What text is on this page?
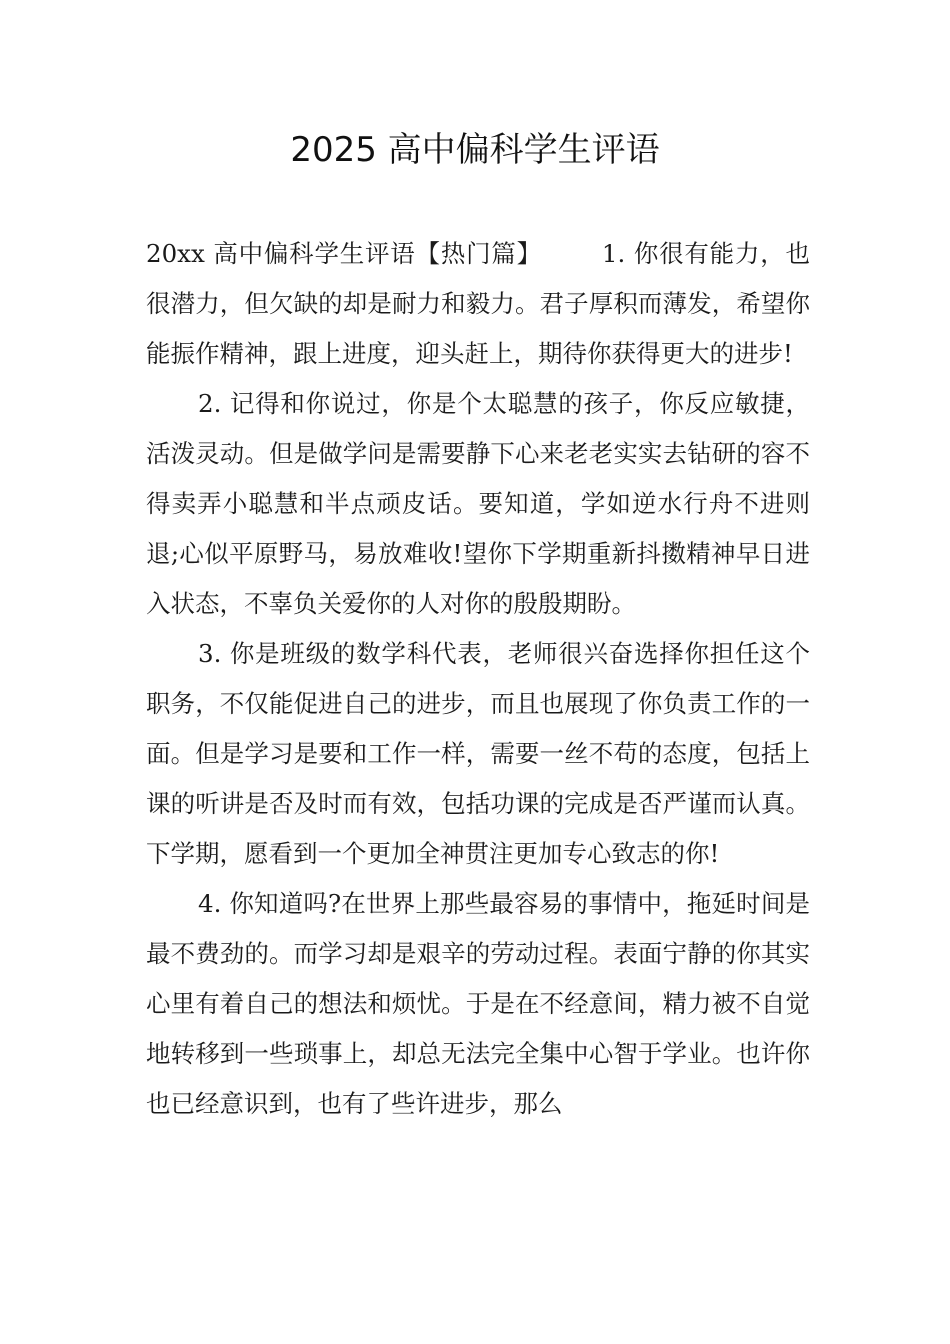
2025 高中偏科学生评语

20xx 高中偏科学生评语【热门篇】 1. 你很有能力，也很潜力，但欠缺的却是耐力和毅力。君子厚积而薄发，希望你能振作精神，跟上进度，迎头赶上，期待你获得更大的进步!

2. 记得和你说过，你是个太聪慧的孩子，你反应敏捷，活泼灵动。但是做学问是需要静下心来老老实实去钻研的容不得卖弄小聪慧和半点顽皮话。要知道，学如逆水行舟不进则退;心似平原野马，易放难收!望你下学期重新抖擞精神早日进入状态，不辜负关爱你的人对你的殷殷期盼。

3. 你是班级的数学科代表，老师很兴奋选择你担任这个职务，不仅能促进自己的进步，而且也展现了你负责工作的一面。但是学习是要和工作一样，需要一丝不苟的态度，包括上课的听讲是否及时而有效，包括功课的完成是否严谨而认真。下学期，愿看到一个更加全神贯注更加专心致志的你!

4. 你知道吗?在世界上那些最容易的事情中，拖延时间是最不费劲的。而学习却是艰辛的劳动过程。表面宁静的你其实心里有着自己的想法和烦忧。于是在不经意间，精力被不自觉地转移到一些琐事上，却总无法完全集中心智于学业。也许你也已经意识到，也有了些许进步，那么
